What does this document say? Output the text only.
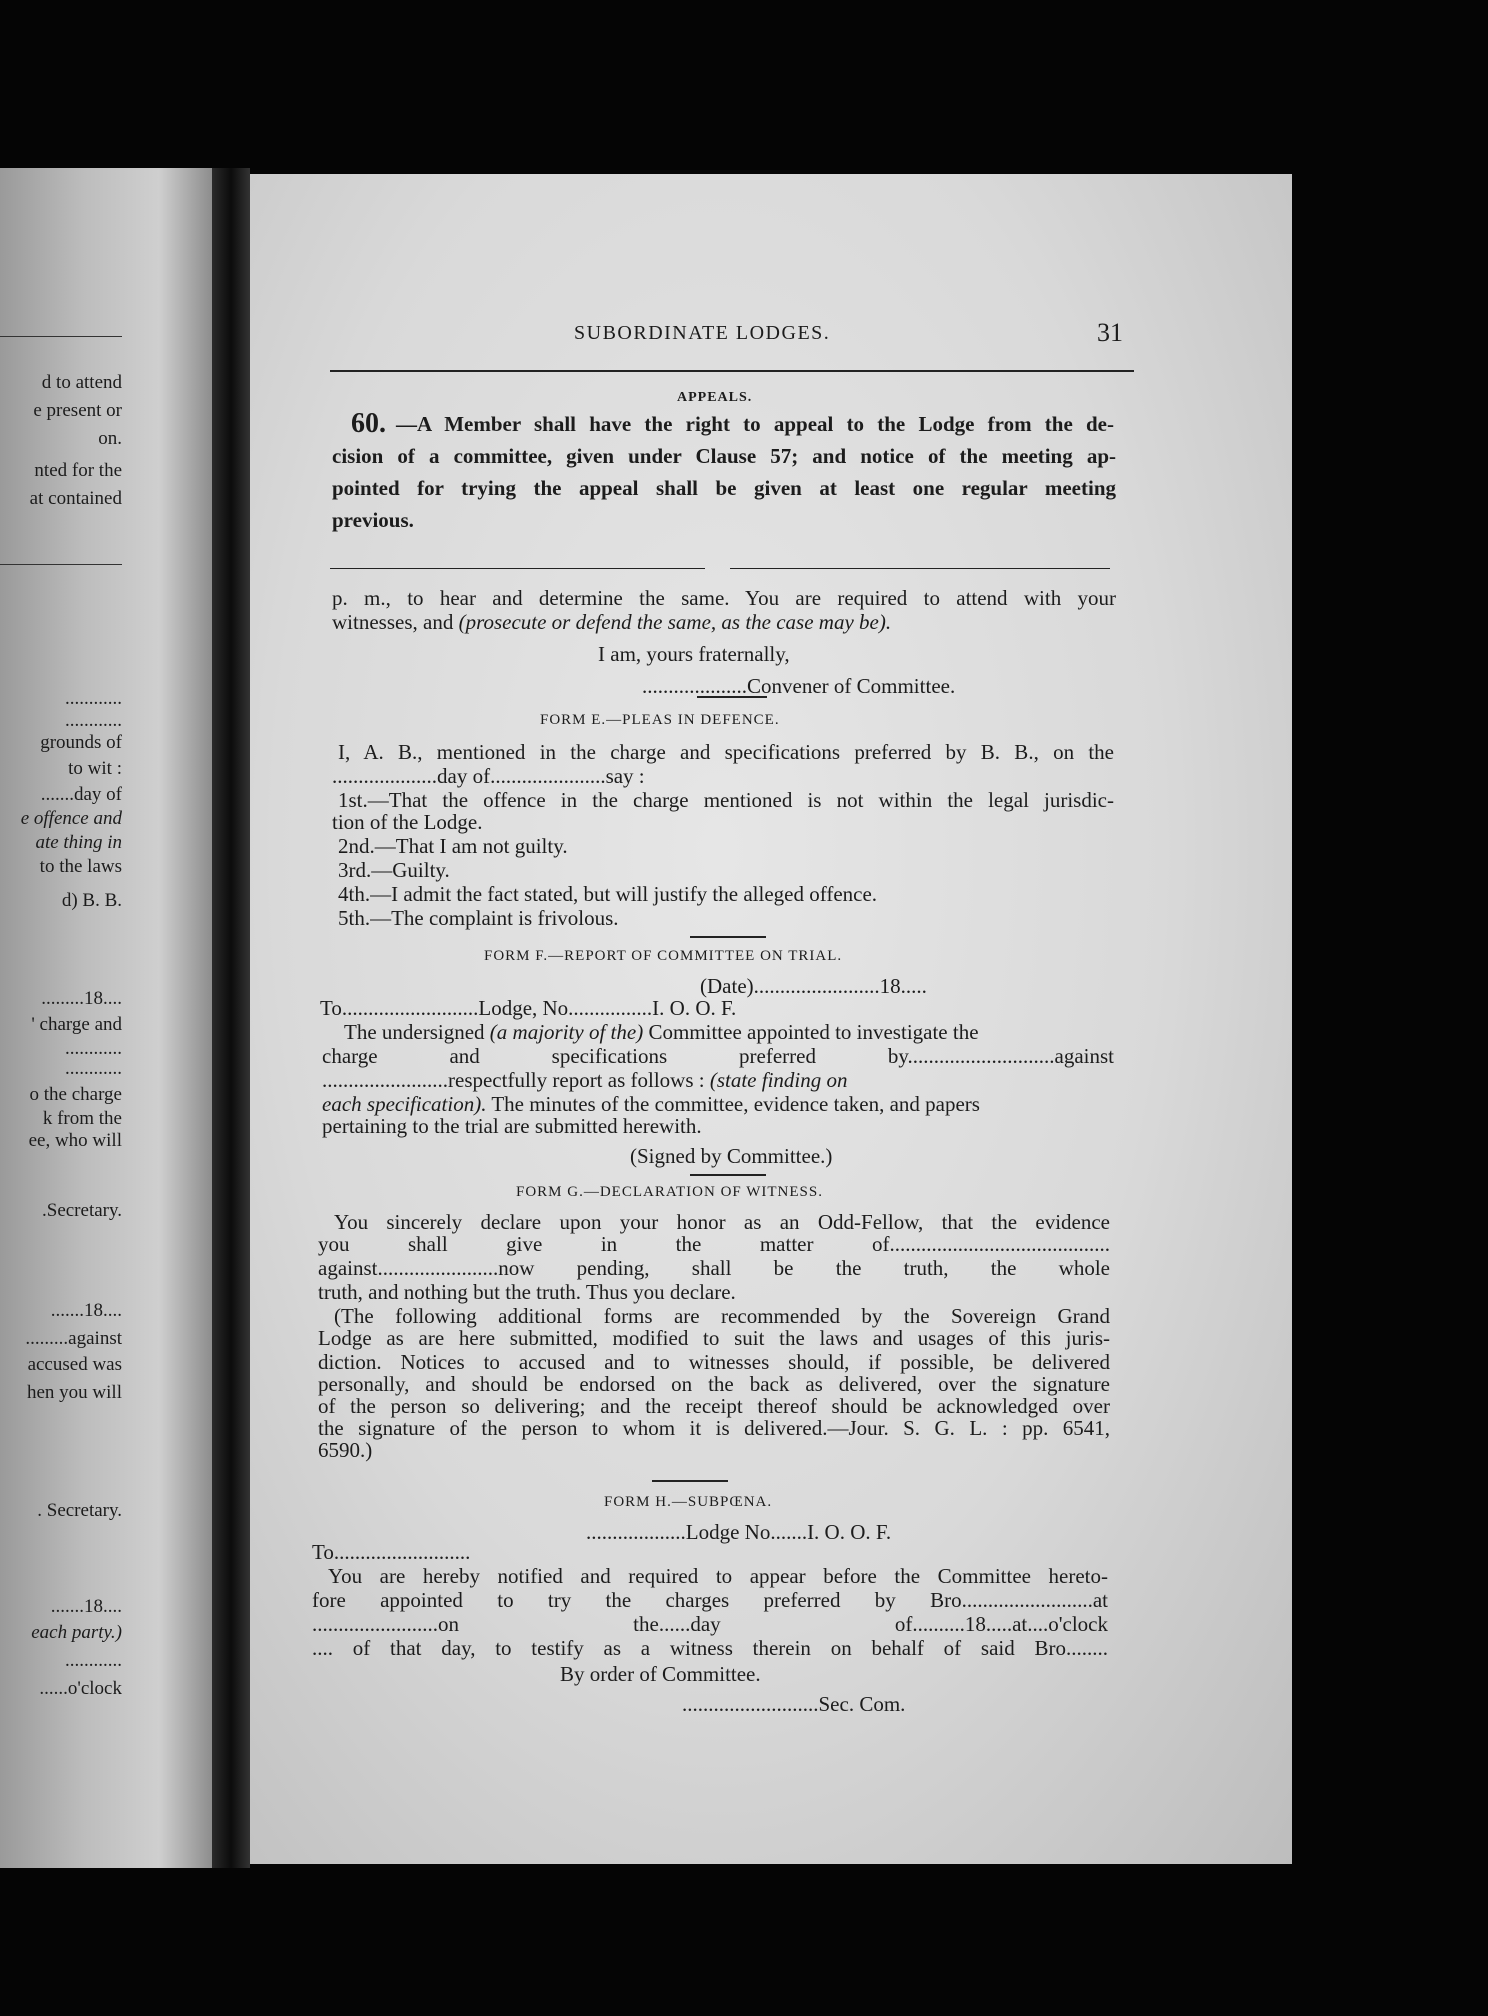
d to attend
e present or
on.
nted for the
at contained
............
............
grounds of
to wit :
.......day of
e offence and
ate thing in
to the laws
d) B. B.
.........18....
' charge and
............
............
o the charge
k from the
ee, who will
.Secretary.
.......18....
.........against
accused was
hen you will
. Secretary.
.......18....
each party.)
............
......o'clock
SUBORDINATE LODGES.	31
APPEALS.
60. —A Member shall have the right to appeal to the Lodge from the de-
cision of a committee, given under Clause 57; and notice of the meeting ap-
pointed for trying the appeal shall be given at least one regular meeting
previous.
p. m., to hear and determine the same. You are required to attend with your
witnesses, and (prosecute or defend the same, as the case may be).
I am, yours fraternally,
....................Convener of Committee.
FORM E.—PLEAS IN DEFENCE.
I, A. B., mentioned in the charge and specifications preferred by B. B., on the
....................day of......................say :
1st.—That the offence in the charge mentioned is not within the legal jurisdic-
tion of the Lodge.
2nd.—That I am not guilty.
3rd.—Guilty.
4th.—I admit the fact stated, but will justify the alleged offence.
5th.—The complaint is frivolous.
FORM F.—REPORT OF COMMITTEE ON TRIAL.
(Date)........................18.....
To..........................Lodge, No................I. O. O. F.
The undersigned (a majority of the) Committee appointed to investigate the
charge and specifications preferred by............................against
........................respectfully report as follows : (state finding on
each specification). The minutes of the committee, evidence taken, and papers
pertaining to the trial are submitted herewith.
(Signed by Committee.)
FORM G.—DECLARATION OF WITNESS.
You sincerely declare upon your honor as an Odd-Fellow, that the evidence
you shall give in the matter of..........................................
against.......................now pending, shall be the truth, the whole
truth, and nothing but the truth. Thus you declare.
(The following additional forms are recommended by the Sovereign Grand
Lodge as are here submitted, modified to suit the laws and usages of this juris-
diction. Notices to accused and to witnesses should, if possible, be delivered
personally, and should be endorsed on the back as delivered, over the signature
of the person so delivering; and the receipt thereof should be acknowledged over
the signature of the person to whom it is delivered.—Jour. S. G. L. : pp. 6541,
6590.)
FORM H.—SUBPŒNA.
...................Lodge No.......I. O. O. F.
To..........................
You are hereby notified and required to appear before the Committee hereto-
fore appointed to try the charges preferred by Bro.........................at
........................on the......day of..........18.....at....o'clock
.... of that day, to testify as a witness therein on behalf of said Bro........
By order of Committee.
..........................Sec. Com.
